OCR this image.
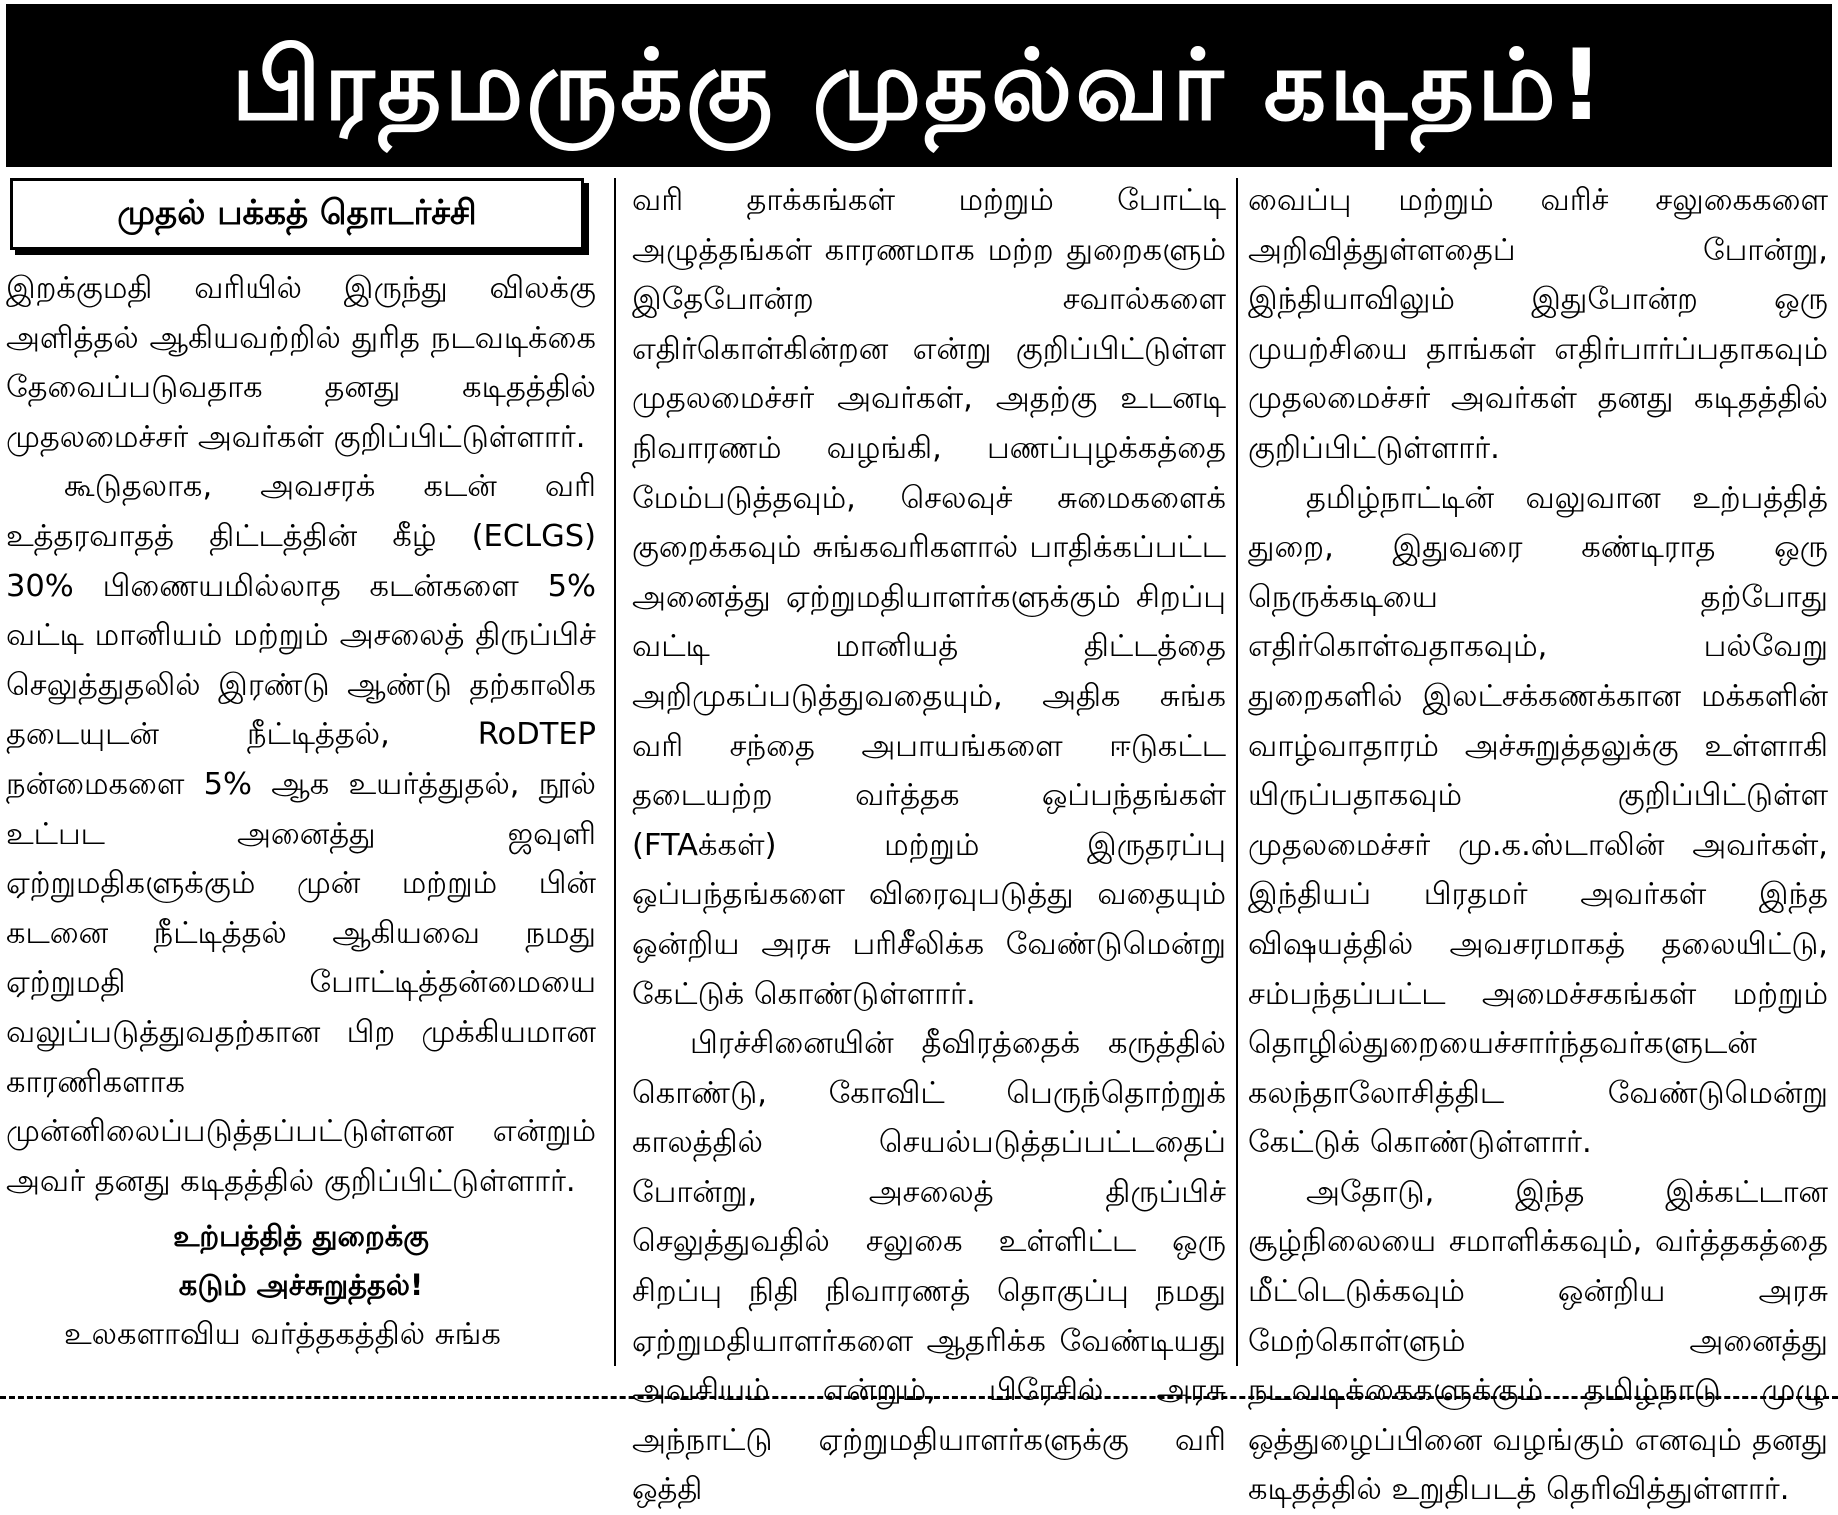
பிரதமருக்கு முதல்வர் கடிதம்!
முதல் பக்கத் தொடர்ச்சி

இறக்குமதி வரியில் இருந்து விலக்கு அளித்தல் ஆகியவற்றில் துரித நடவடிக்கை தேவைப்படுவதாக தனது கடிதத்தில் முதலமைச்சர் அவர்கள் குறிப்பிட்டுள்ளார்.

கூடுதலாக, அவசரக் கடன் வரி உத்தரவாதத் திட்டத்தின் கீழ் (ECLGS) 30% பிணையமில்லாத கடன்களை 5% வட்டி மானியம் மற்றும் அசலைத் திருப்பிச் செலுத்துதலில் இரண்டு ஆண்டு தற்காலிக தடையுடன் நீட்டித்தல், RoDTEP நன்மைகளை 5% ஆக உயர்த்துதல், நூல் உட்பட அனைத்து ஜவுளி ஏற்றுமதிகளுக்கும் முன் மற்றும் பின் கடனை நீட்டித்தல் ஆகியவை நமது ஏற்றுமதி போட்டித்தன்மையை வலுப்படுத்துவதற்கான பிற முக்கியமான காரணிகளாக முன்னிலைப்படுத்தப்பட்டுள்ளன என்றும் அவர் தனது கடிதத்தில் குறிப்பிட்டுள்ளார்.

உற்பத்தித் துறைக்கு
கடும் அச்சுறுத்தல்!

உலகளாவிய வர்த்தகத்தில் சுங்க

வரி தாக்கங்கள் மற்றும் போட்டி அழுத்தங்கள் காரணமாக மற்ற துறைகளும் இதேபோன்ற சவால்களை எதிர்கொள்கின்றன என்று குறிப்பிட்டுள்ள முதலமைச்சர் அவர்கள், அதற்கு உடனடி நிவாரணம் வழங்கி, பணப்புழக்கத்தை மேம்படுத்தவும், செலவுச் சுமைகளைக் குறைக்கவும் சுங்கவரிகளால் பாதிக்கப்பட்ட அனைத்து ஏற்றுமதியாளர்களுக்கும் சிறப்பு வட்டி மானியத் திட்டத்தை அறிமுகப்படுத்துவதையும், அதிக சுங்க வரி சந்தை அபாயங்களை ஈடுகட்ட தடையற்ற வர்த்தக ஒப்பந்தங்கள் (FTAக்கள்) மற்றும் இருதரப்பு ஒப்பந்தங்களை விரைவுபடுத்து வதையும் ஒன்றிய அரசு பரிசீலிக்க வேண்டுமென்று கேட்டுக் கொண்டுள்ளார்.

பிரச்சினையின் தீவிரத்தைக் கருத்தில் கொண்டு, கோவிட் பெருந்தொற்றுக் காலத்தில் செயல்படுத்தப்பட்டதைப் போன்று, அசலைத் திருப்பிச் செலுத்துவதில் சலுகை உள்ளிட்ட ஒரு சிறப்பு நிதி நிவாரணத் தொகுப்பு நமது ஏற்றுமதியாளர்களை ஆதரிக்க வேண்டியது அவசியம் என்றும், பிரேசில் அரசு அந்நாட்டு ஏற்றுமதியாளர்களுக்கு வரி ஒத்தி

வைப்பு மற்றும் வரிச் சலுகைகளை அறிவித்துள்ளதைப் போன்று, இந்தியாவிலும் இதுபோன்ற ஒரு முயற்சியை தாங்கள் எதிர்பார்ப்பதாகவும் முதலமைச்சர் அவர்கள் தனது கடிதத்தில் குறிப்பிட்டுள்ளார்.

தமிழ்நாட்டின் வலுவான உற்பத்தித் துறை, இதுவரை கண்டிராத ஒரு நெருக்கடியை தற்போது எதிர்கொள்வதாகவும், பல்வேறு துறைகளில் இலட்சக்கணக்கான மக்களின் வாழ்வாதாரம் அச்சுறுத்தலுக்கு உள்ளாகி யிருப்பதாகவும் குறிப்பிட்டுள்ள முதலமைச்சர் மு.க.ஸ்டாலின் அவர்கள், இந்தியப் பிரதமர் அவர்கள் இந்த விஷயத்தில் அவசரமாகத் தலையிட்டு, சம்பந்தப்பட்ட அமைச்சகங்கள் மற்றும் தொழில்துறையைச்சார்ந்தவர்களுடன் கலந்தாலோசித்திட வேண்டுமென்று கேட்டுக் கொண்டுள்ளார்.

அதோடு, இந்த இக்கட்டான சூழ்நிலையை சமாளிக்கவும், வர்த்தகத்தை மீட்டெடுக்கவும் ஒன்றிய அரசு மேற்கொள்ளும் அனைத்து நடவடிக்கைகளுக்கும் தமிழ்நாடு முழு ஒத்துழைப்பினை வழங்கும் எனவும் தனது கடிதத்தில் உறுதிபடத் தெரிவித்துள்ளார்.
